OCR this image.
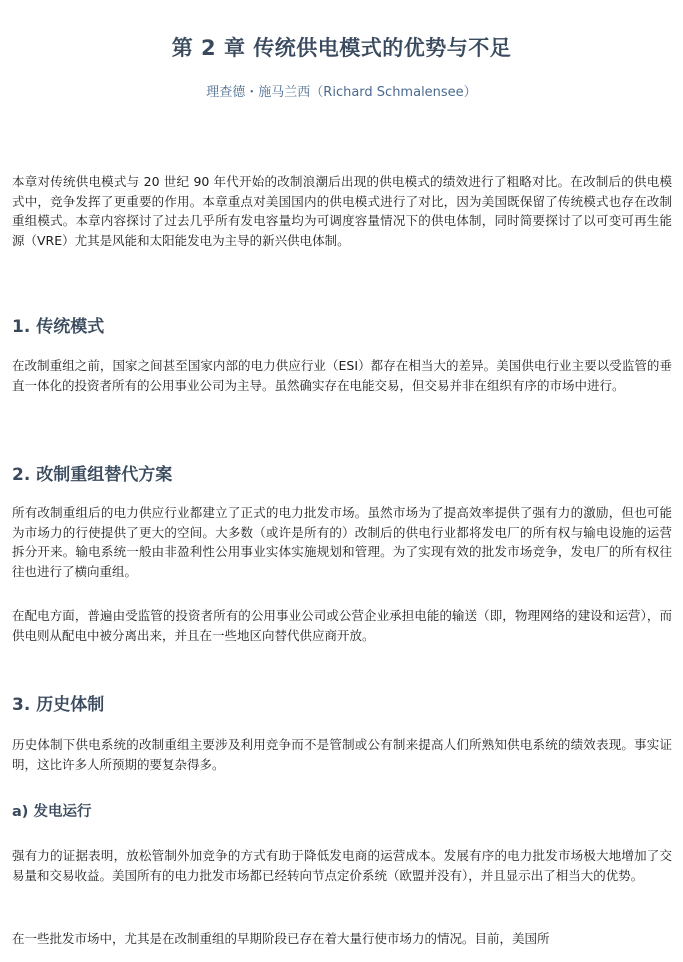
第 2 章 传统供电模式的优势与不足

理查德・施马兰西（Richard Schmalensee）

本章对传统供电模式与 20 世纪 90 年代开始的改制浪潮后出现的供电模式的绩效进行了粗略对比。在改制后的供电模式中，竞争发挥了更重要的作用。本章重点对美国国内的供电模式进行了对比，因为美国既保留了传统模式也存在改制重组模式。本章内容探讨了过去几乎所有发电容量均为可调度容量情况下的供电体制，同时简要探讨了以可变可再生能源（VRE）尤其是风能和太阳能发电为主导的新兴供电体制。

1. 传统模式

在改制重组之前，国家之间甚至国家内部的电力供应行业（ESI）都存在相当大的差异。美国供电行业主要以受监管的垂直一体化的投资者所有的公用事业公司为主导。虽然确实存在电能交易，但交易并非在组织有序的市场中进行。

2. 改制重组替代方案

所有改制重组后的电力供应行业都建立了正式的电力批发市场。虽然市场为了提高效率提供了强有力的激励，但也可能为市场力的行使提供了更大的空间。大多数（或许是所有的）改制后的供电行业都将发电厂的所有权与输电设施的运营拆分开来。输电系统一般由非盈利性公用事业实体实施规划和管理。为了实现有效的批发市场竞争，发电厂的所有权往往也进行了横向重组。

在配电方面，普遍由受监管的投资者所有的公用事业公司或公营企业承担电能的输送（即，物理网络的建设和运营），而供电则从配电中被分离出来，并且在一些地区向替代供应商开放。

3. 历史体制

历史体制下供电系统的改制重组主要涉及利用竞争而不是管制或公有制来提高人们所熟知供电系统的绩效表现。事实证明，这比许多人所预期的要复杂得多。

a) 发电运行

强有力的证据表明，放松管制外加竞争的方式有助于降低发电商的运营成本。发展有序的电力批发市场极大地增加了交易量和交易收益。美国所有的电力批发市场都已经转向节点定价系统（欧盟并没有），并且显示出了相当大的优势。

在一些批发市场中，尤其是在改制重组的早期阶段已存在着大量行使市场力的情况。目前，美国所
